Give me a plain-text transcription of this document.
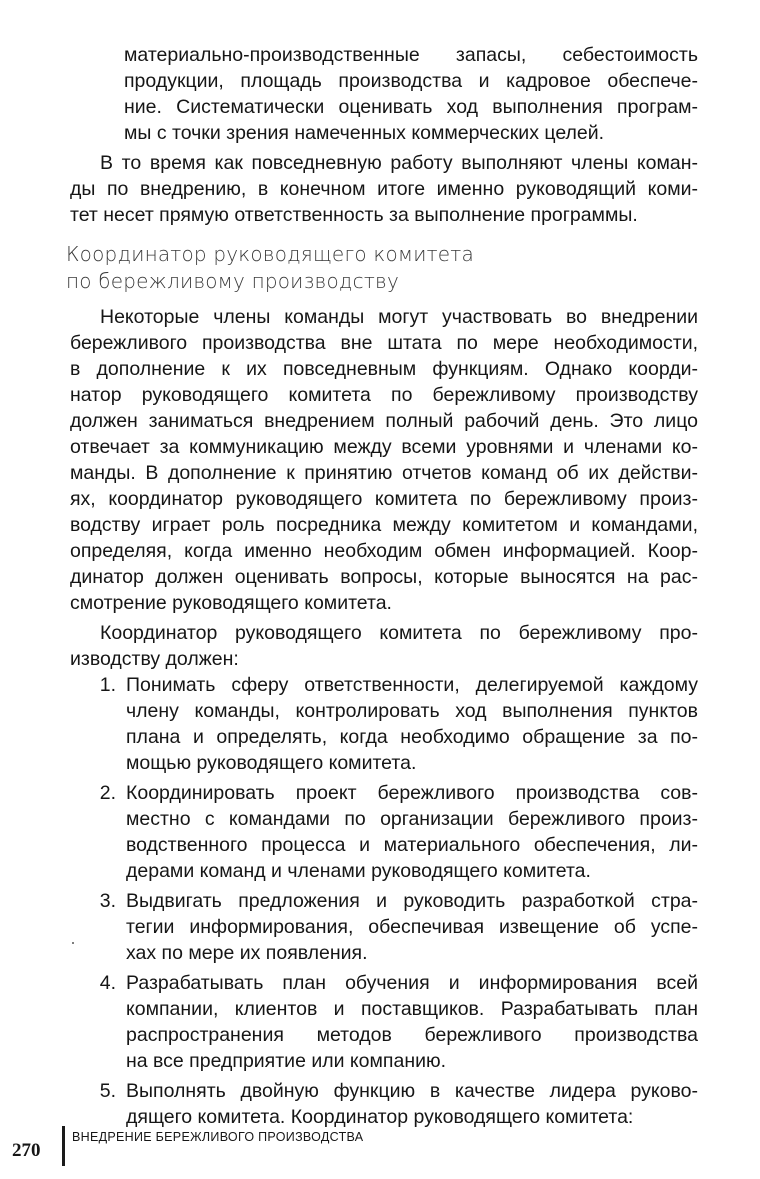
материально-производственные запасы, себестоимость
продукции, площадь производства и кадровое обеспече-
ние. Систематически оценивать ход выполнения програм-
мы с точки зрения намеченных коммерческих целей.
В то время как повседневную работу выполняют члены коман-
ды по внедрению, в конечном итоге именно руководящий коми-
тет несет прямую ответственность за выполнение программы.
Координатор руководящего комитета
по бережливому производству
Некоторые члены команды могут участвовать во внедрении
бережливого производства вне штата по мере необходимости,
в дополнение к их повседневным функциям. Однако коорди-
натор руководящего комитета по бережливому производству
должен заниматься внедрением полный рабочий день. Это лицо
отвечает за коммуникацию между всеми уровнями и членами ко-
манды. В дополнение к принятию отчетов команд об их действи-
ях, координатор руководящего комитета по бережливому произ-
водству играет роль посредника между комитетом и командами,
определяя, когда именно необходим обмен информацией. Коор-
динатор должен оценивать вопросы, которые выносятся на рас-
смотрение руководящего комитета.
Координатор руководящего комитета по бережливому про-
изводству должен:
1. Понимать сферу ответственности, делегируемой каждому
члену команды, контролировать ход выполнения пунктов
плана и определять, когда необходимо обращение за по-
мощью руководящего комитета.
2. Координировать проект бережливого производства сов-
местно с командами по организации бережливого произ-
водственного процесса и материального обеспечения, ли-
дерами команд и членами руководящего комитета.
3. Выдвигать предложения и руководить разработкой стра-
тегии информирования, обеспечивая извещение об успе-
хах по мере их появления.
4. Разрабатывать план обучения и информирования всей
компании, клиентов и поставщиков. Разрабатывать план
распространения методов бережливого производства
на все предприятие или компанию.
5. Выполнять двойную функцию в качестве лидера руково-
дящего комитета. Координатор руководящего комитета:
270
ВНЕДРЕНИЕ БЕРЕЖЛИВОГО ПРОИЗВОДСТВА
